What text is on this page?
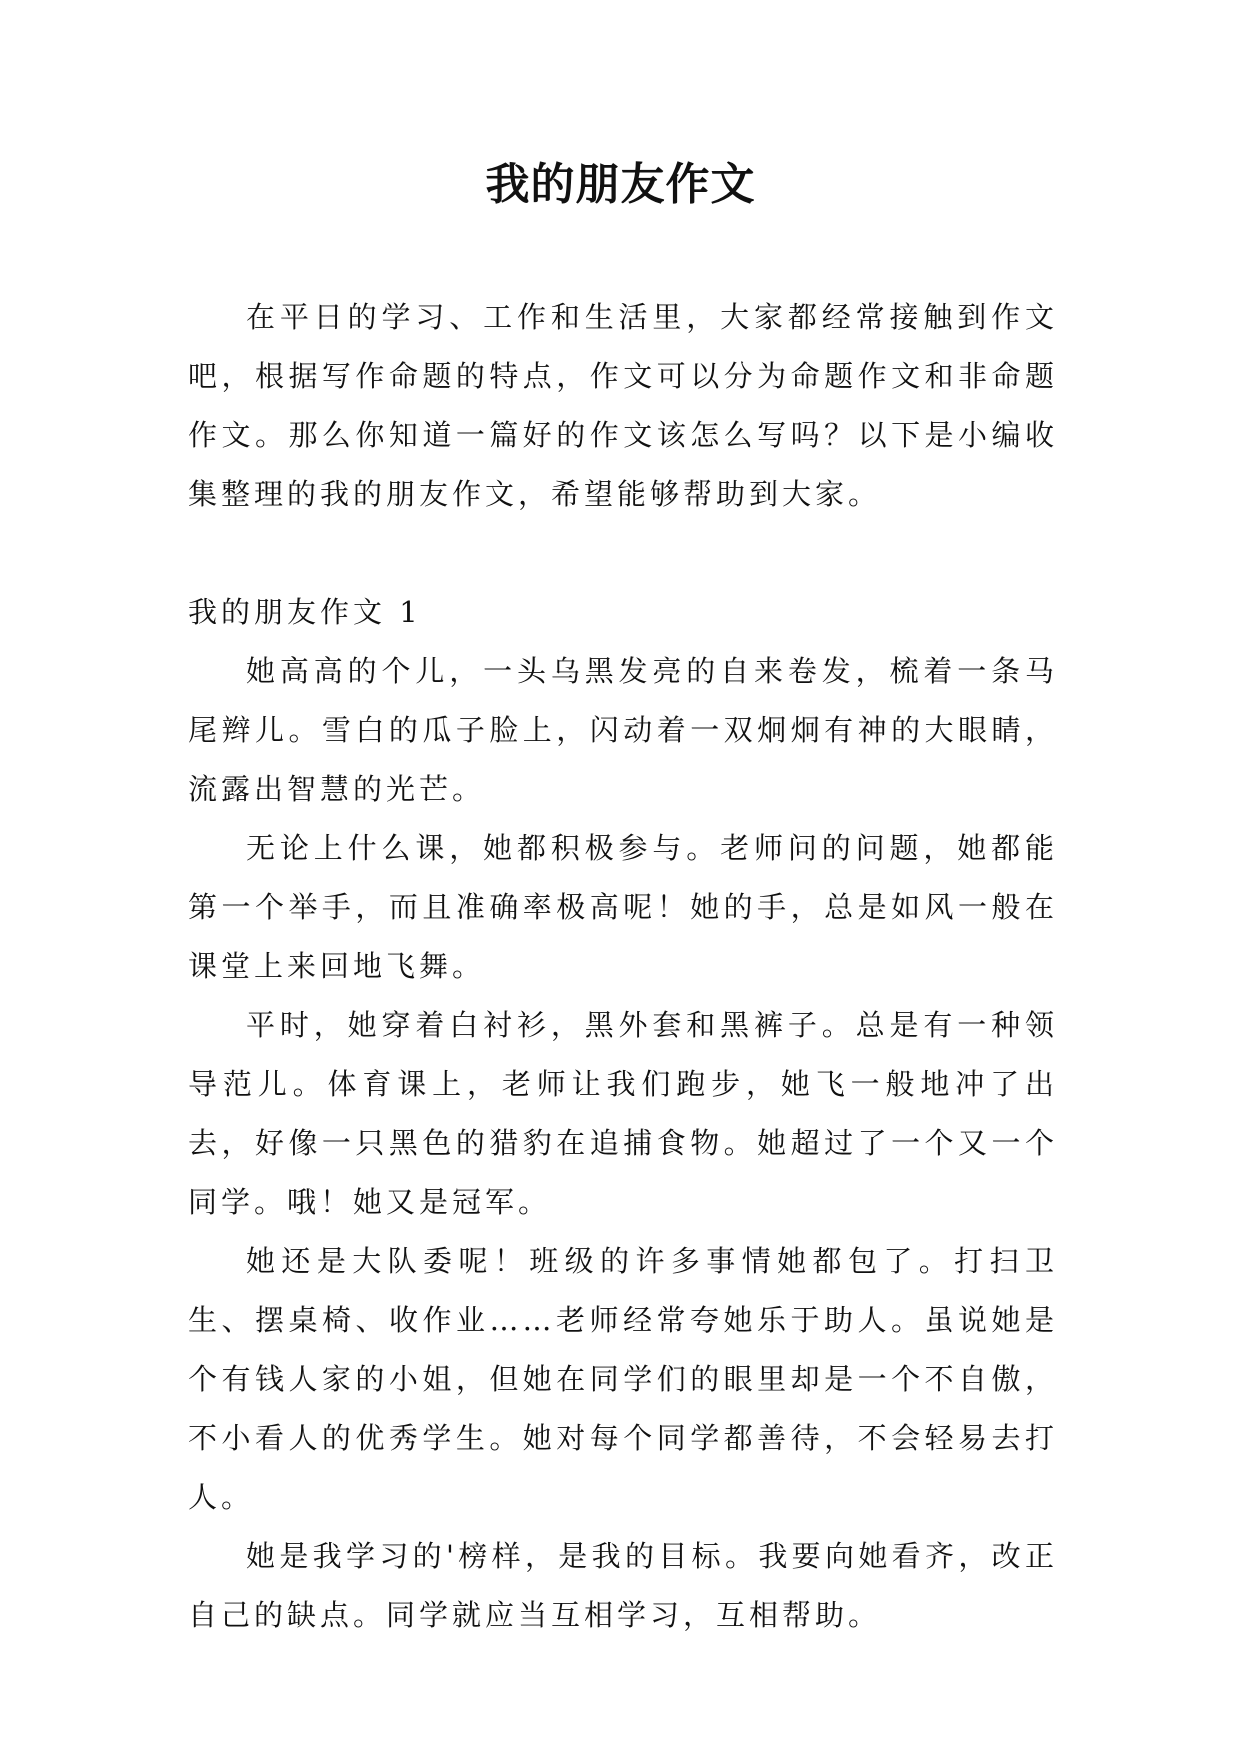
我的朋友作文

在平日的学习、工作和生活里，大家都经常接触到作文吧，根据写作命题的特点，作文可以分为命题作文和非命题作文。那么你知道一篇好的作文该怎么写吗？以下是小编收集整理的我的朋友作文，希望能够帮助到大家。

我的朋友作文 1

她高高的个儿，一头乌黑发亮的自来卷发，梳着一条马尾辫儿。雪白的瓜子脸上，闪动着一双炯炯有神的大眼睛，流露出智慧的光芒。

无论上什么课，她都积极参与。老师问的问题，她都能第一个举手，而且准确率极高呢！她的手，总是如风一般在课堂上来回地飞舞。

平时，她穿着白衬衫，黑外套和黑裤子。总是有一种领导范儿。体育课上，老师让我们跑步，她飞一般地冲了出去，好像一只黑色的猎豹在追捕食物。她超过了一个又一个同学。哦！她又是冠军。

她还是大队委呢！班级的许多事情她都包了。打扫卫生、摆桌椅、收作业……老师经常夸她乐于助人。虽说她是个有钱人家的小姐，但她在同学们的眼里却是一个不自傲，不小看人的优秀学生。她对每个同学都善待，不会轻易去打人。

她是我学习的'榜样，是我的目标。我要向她看齐，改正自己的缺点。同学就应当互相学习，互相帮助。
